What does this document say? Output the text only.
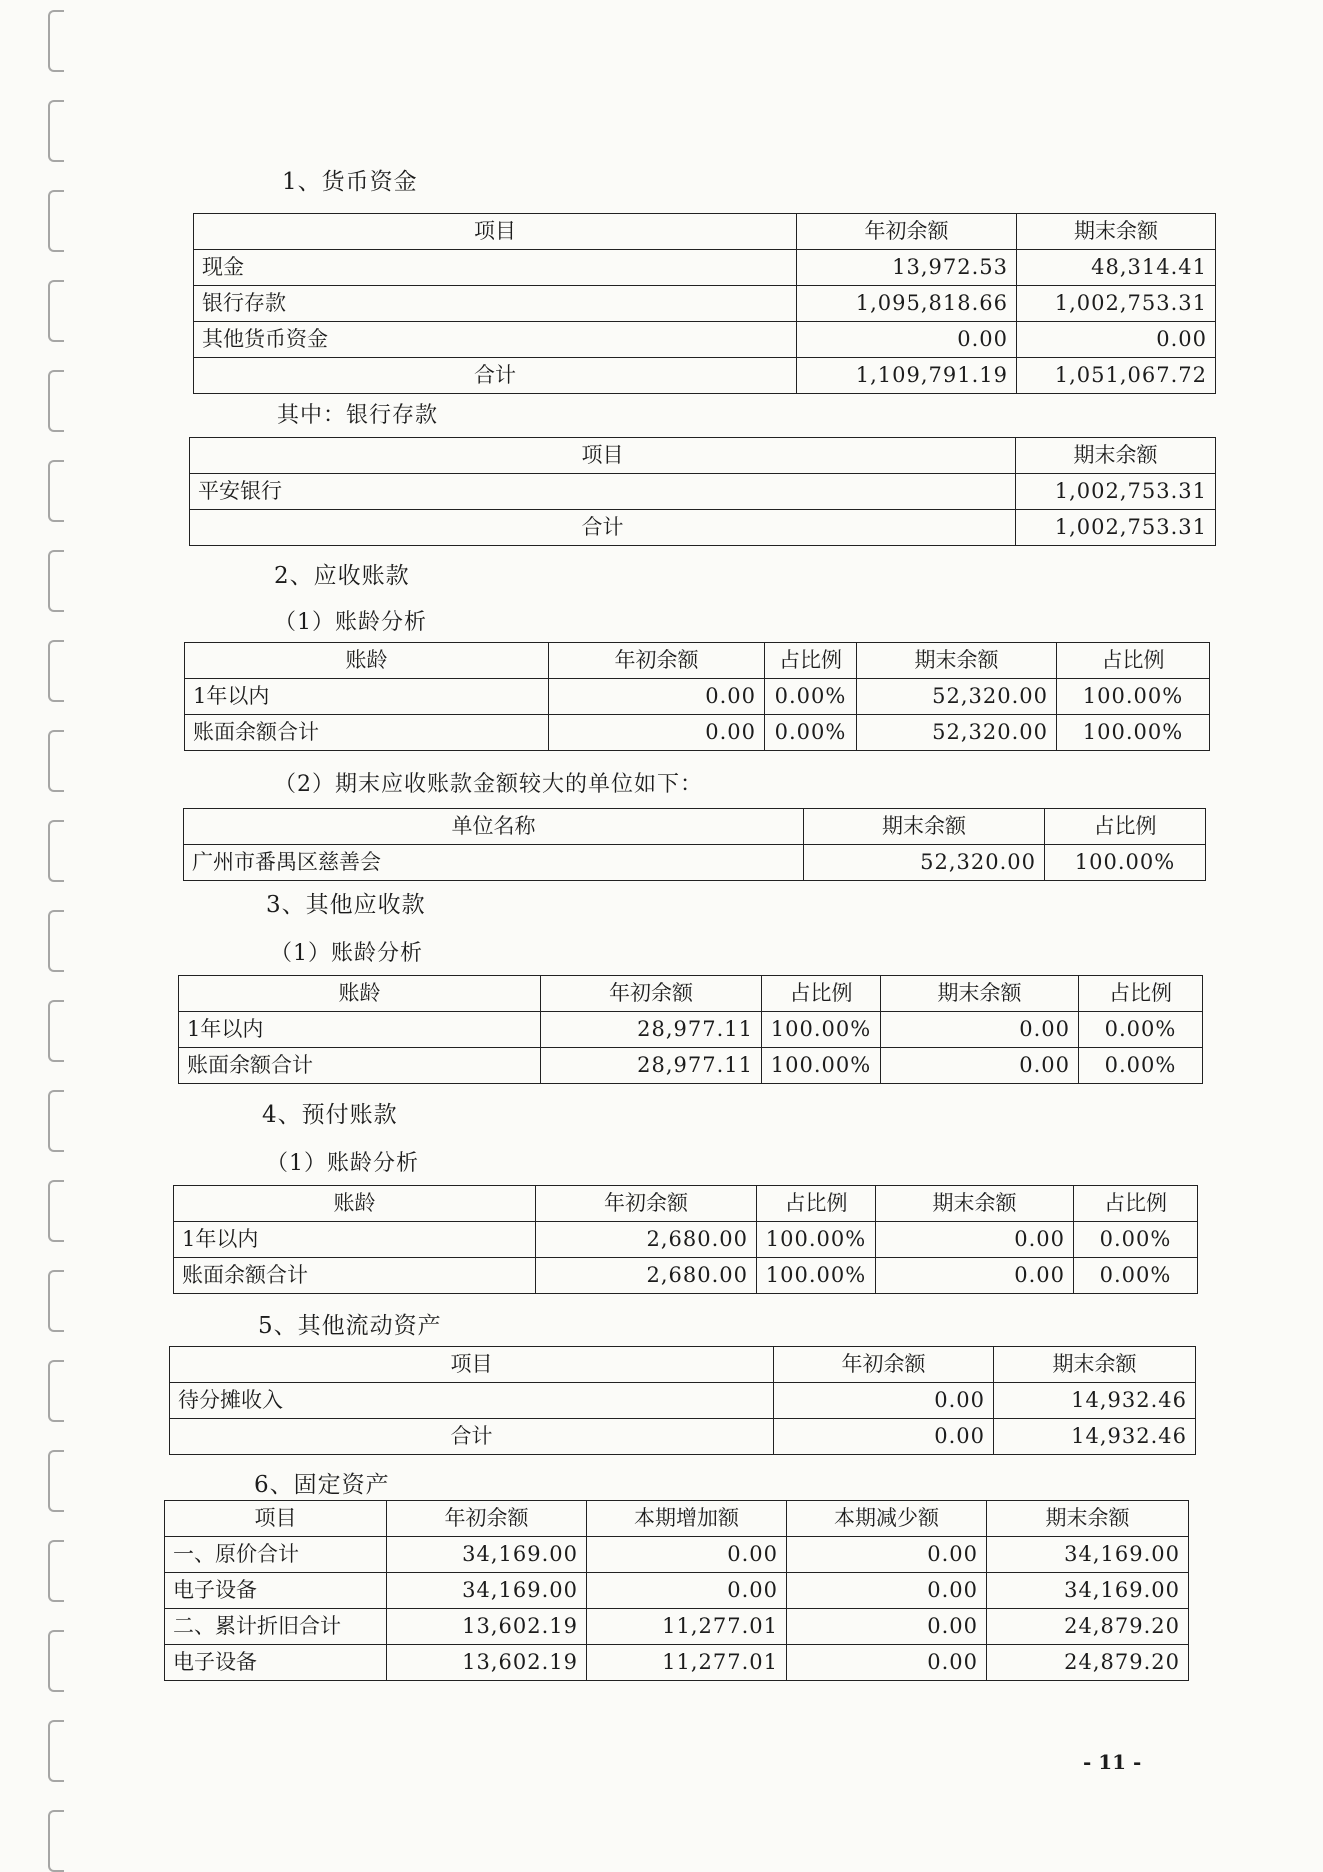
1、货币资金
项目	年初余额	期末余额
现金	13,972.53	48,314.41
银行存款	1,095,818.66	1,002,753.31
其他货币资金	0.00	0.00
合计	1,109,791.19	1,051,067.72
其中：银行存款
项目	期末余额
平安银行	1,002,753.31
合计	1,002,753.31
2、应收账款
（1）账龄分析
账龄	年初余额	占比例	期末余额	占比例
1年以内	0.00	0.00%	52,320.00	100.00%
账面余额合计	0.00	0.00%	52,320.00	100.00%
（2）期末应收账款金额较大的单位如下：
单位名称	期末余额	占比例
广州市番禺区慈善会	52,320.00	100.00%
3、其他应收款
（1）账龄分析
账龄	年初余额	占比例	期末余额	占比例
1年以内	28,977.11	100.00%	0.00	0.00%
账面余额合计	28,977.11	100.00%	0.00	0.00%
4、预付账款
（1）账龄分析
账龄	年初余额	占比例	期末余额	占比例
1年以内	2,680.00	100.00%	0.00	0.00%
账面余额合计	2,680.00	100.00%	0.00	0.00%
5、其他流动资产
项目	年初余额	期末余额
待分摊收入	0.00	14,932.46
合计	0.00	14,932.46
6、固定资产
项目	年初余额	本期增加额	本期减少额	期末余额
一、原价合计	34,169.00	0.00	0.00	34,169.00
电子设备	34,169.00	0.00	0.00	34,169.00
二、累计折旧合计	13,602.19	11,277.01	0.00	24,879.20
电子设备	13,602.19	11,277.01	0.00	24,879.20
- 11 -
